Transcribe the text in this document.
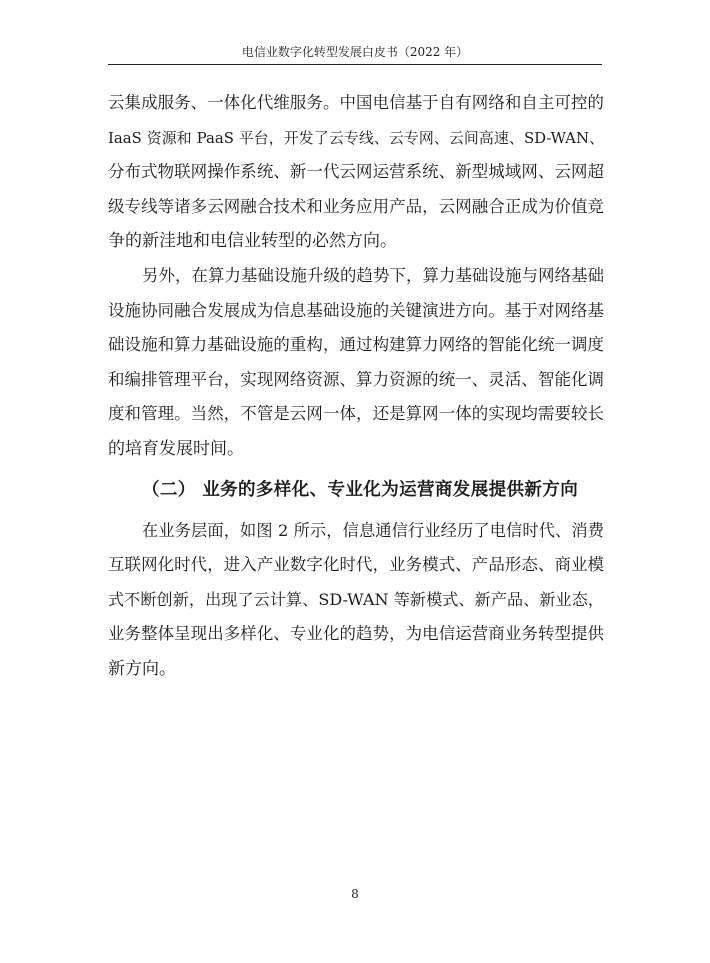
电信业数字化转型发展白皮书（2022 年）
云集成服务、一体化代维服务。中国电信基于自有网络和自主可控的
IaaS 资源和 PaaS 平台，开发了云专线、云专网、云间高速、SD-WAN、
分布式物联网操作系统、新一代云网运营系统、新型城域网、云网超
级专线等诸多云网融合技术和业务应用产品，云网融合正成为价值竞
争的新洼地和电信业转型的必然方向。
另外，在算力基础设施升级的趋势下，算力基础设施与网络基础
设施协同融合发展成为信息基础设施的关键演进方向。基于对网络基
础设施和算力基础设施的重构，通过构建算力网络的智能化统一调度
和编排管理平台，实现网络资源、算力资源的统一、灵活、智能化调
度和管理。当然，不管是云网一体，还是算网一体的实现均需要较长
的培育发展时间。
（二） 业务的多样化、专业化为运营商发展提供新方向
在业务层面，如图 2 所示，信息通信行业经历了电信时代、消费
互联网化时代，进入产业数字化时代，业务模式、产品形态、商业模
式不断创新，出现了云计算、SD-WAN 等新模式、新产品、新业态，
业务整体呈现出多样化、专业化的趋势，为电信运营商业务转型提供
新方向。
8
